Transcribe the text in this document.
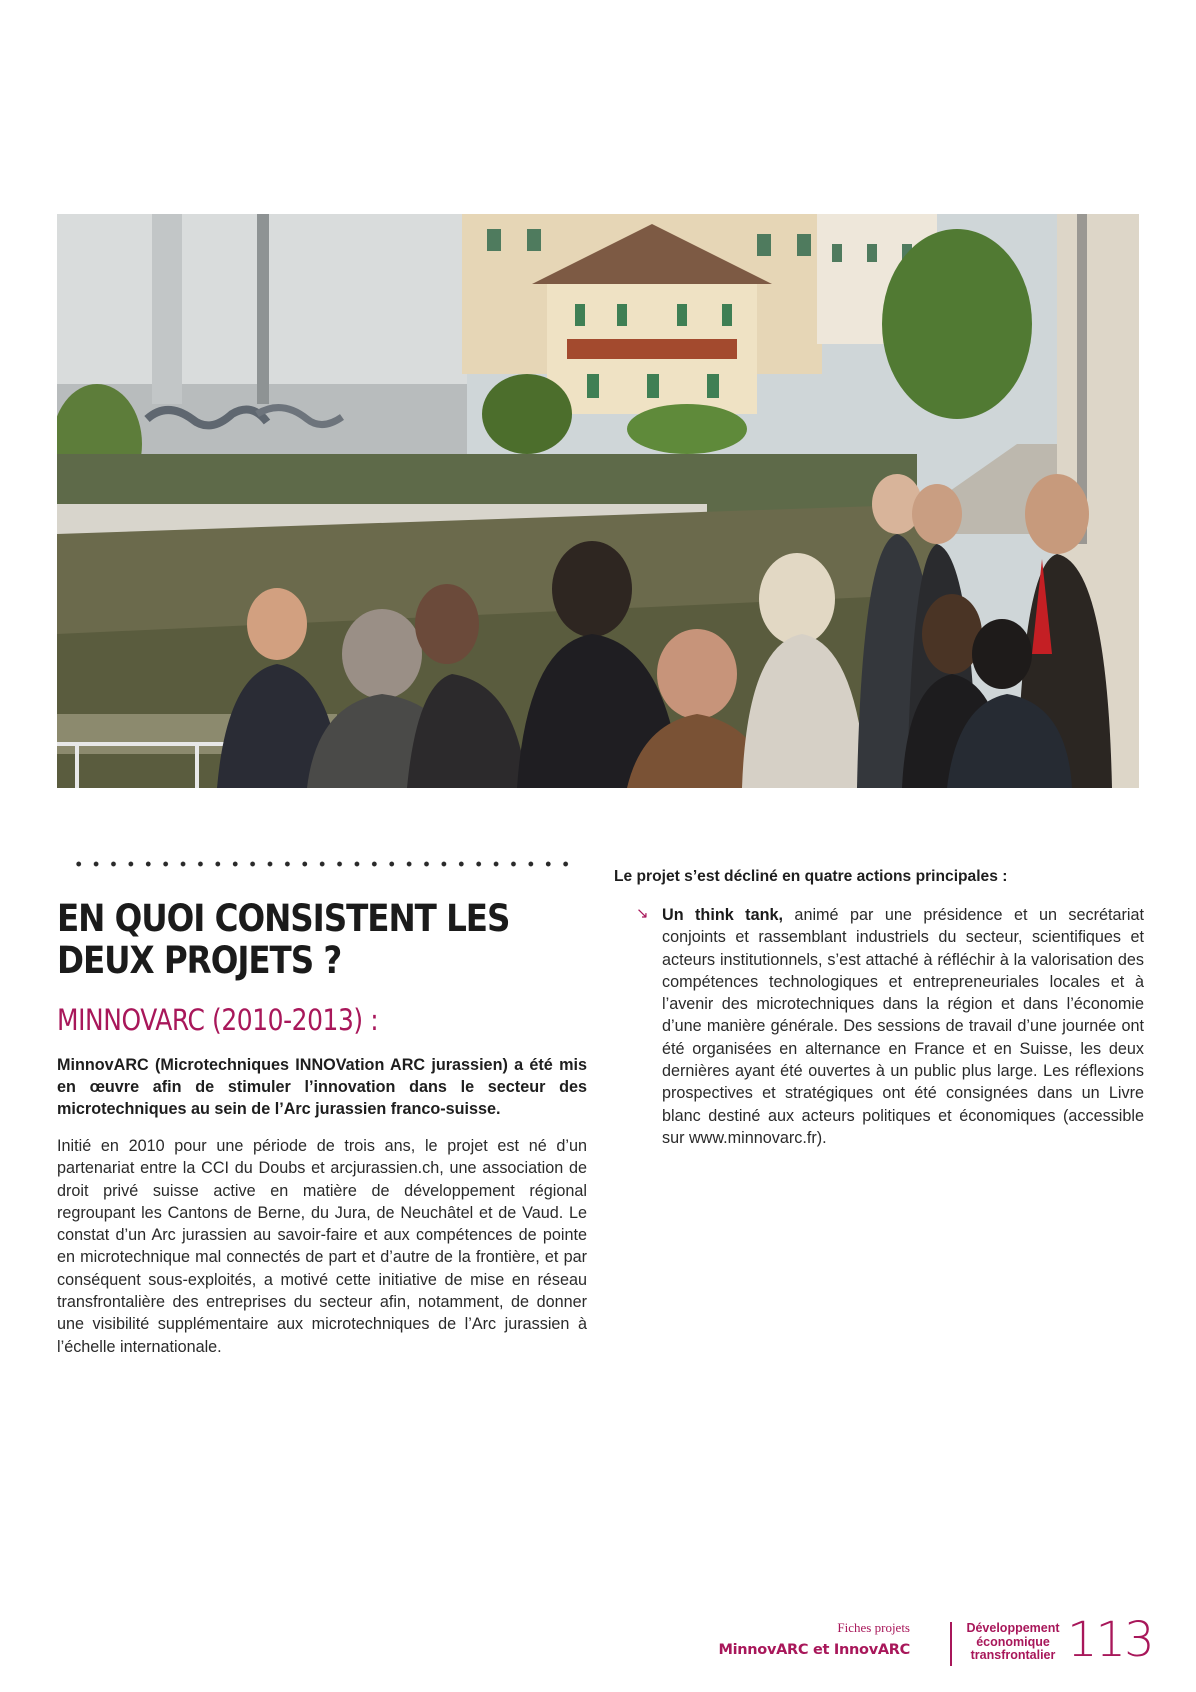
EN QUOI CONSISTENT LES DEUX PROJETS ?
MINNOVARC (2010-2013) :

MinnovARC (Microtechniques INNOVation ARC jurassien) a été mis en œuvre afin de stimuler l’innovation dans le secteur des microtechniques au sein de l’Arc jurassien franco-suisse.

Initié en 2010 pour une période de trois ans, le projet est né d’un partenariat entre la CCI du Doubs et arcjurassien.ch, une association de droit privé suisse active en matière de développement régional regroupant les Cantons de Berne, du Jura, de Neuchâtel et de Vaud. Le constat d’un Arc jurassien au savoir-faire et aux compétences de pointe en microtechnique mal connectés de part et d’autre de la frontière, et par conséquent sous-exploités, a motivé cette initiative de mise en réseau transfrontalière des entreprises du secteur afin, notamment, de donner une visibilité supplémentaire aux microtechniques de l’Arc jurassien à l’échelle internationale.

Le projet s’est décliné en quatre actions principales :

↘ Un think tank, animé par une présidence et un secrétariat conjoints et rassemblant industriels du secteur, scientifiques et acteurs institutionnels, s’est attaché à réfléchir à la valorisation des compétences technologiques et entrepreneuriales locales et à l’avenir des microtechniques dans la région et dans l’économie d’une manière générale. Des sessions de travail d’une journée ont été organisées en alternance en France et en Suisse, les deux dernières ayant été ouvertes à un public plus large. Les réflexions prospectives et stratégiques ont été consignées dans un Livre blanc destiné aux acteurs politiques et économiques (accessible sur www.minnovarc.fr).
Fiches projets
MinnovARC et InnovARC
Développement
économique
transfrontalier 113
